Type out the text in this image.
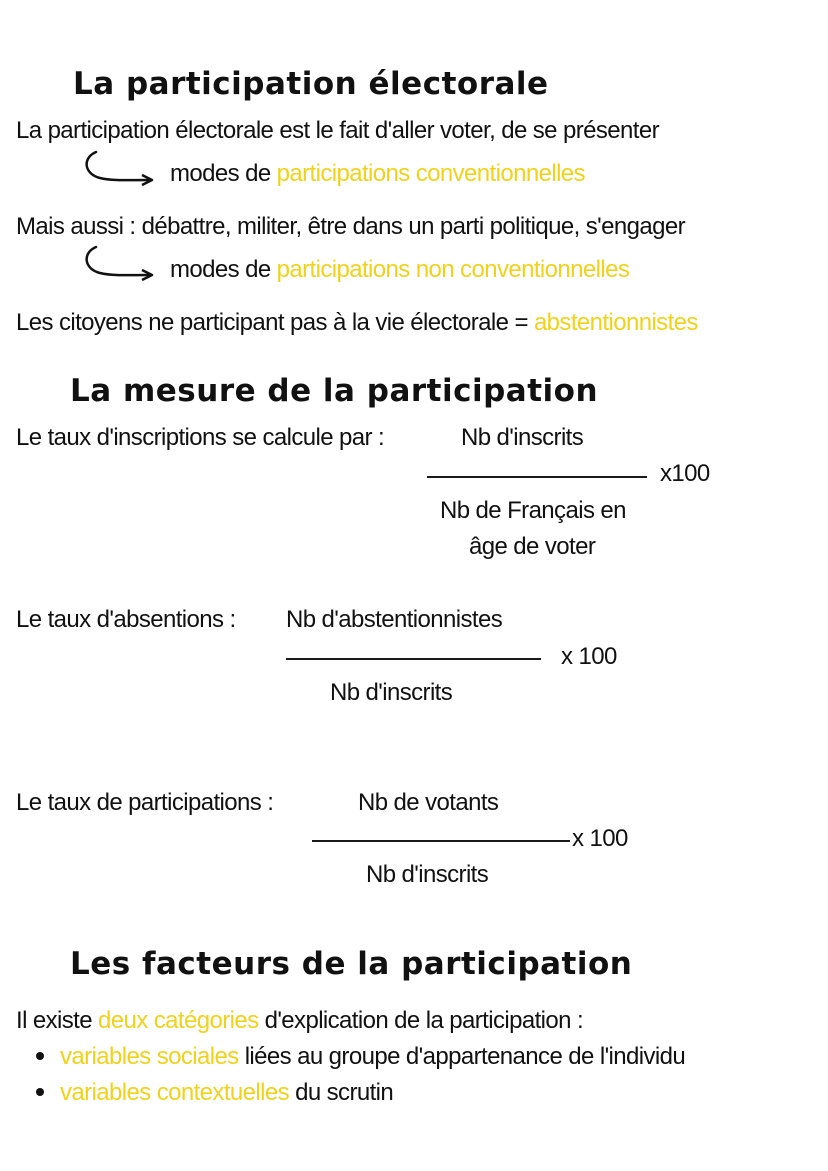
La participation électorale
La participation électorale est le fait d'aller voter, de se présenter
modes de participations conventionnelles
Mais aussi : débattre, militer, être dans un parti politique, s'engager
modes de participations non conventionnelles
Les citoyens ne participant pas à la vie électorale = abstentionnistes
La mesure de la participation
Le taux d'inscriptions se calcule par :	Nb d'inscrits
x100
Nb de Français en
âge de voter
Le taux d'absentions : Nb d'abstentionnistes
x 100
Nb d'inscrits
Le taux de participations :	Nb de votants
x 100
Nb d'inscrits
Les facteurs de la participation
Il existe deux catégories d'explication de la participation :
variables sociales liées au groupe d'appartenance de l'individu
variables contextuelles du scrutin
